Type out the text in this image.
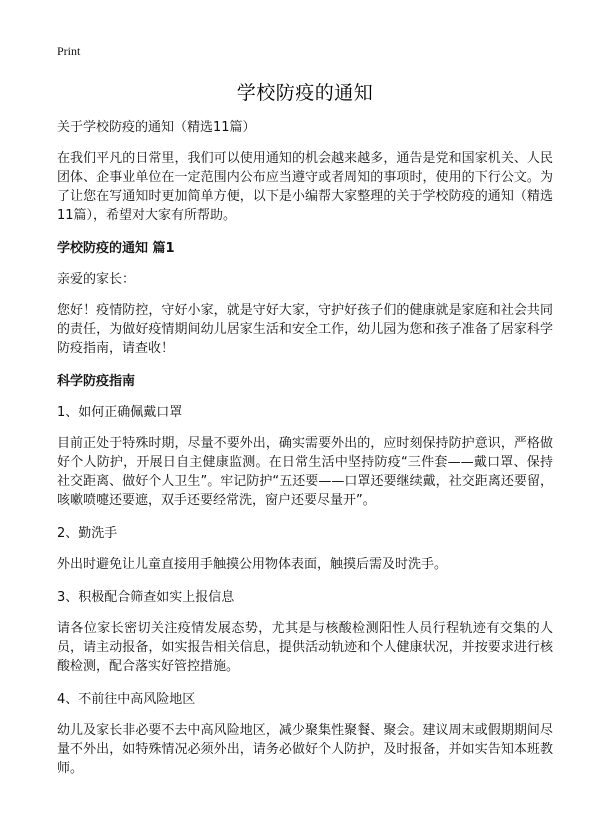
Print
学校防疫的通知
关于学校防疫的通知（精选11篇）

在我们平凡的日常里，我们可以使用通知的机会越来越多，通告是党和国家机关、人民团体、企事业单位在一定范围内公布应当遵守或者周知的事项时，使用的下行公文。为了让您在写通知时更加简单方便，以下是小编帮大家整理的关于学校防疫的通知（精选11篇），希望对大家有所帮助。

学校防疫的通知 篇1
亲爱的家长：

您好！疫情防控，守好小家，就是守好大家，守护好孩子们的健康就是家庭和社会共同的责任，为做好疫情期间幼儿居家生活和安全工作，幼儿园为您和孩子准备了居家科学防疫指南，请查收！

科学防疫指南
1、如何正确佩戴口罩

目前正处于特殊时期，尽量不要外出，确实需要外出的，应时刻保持防护意识，严格做好个人防护，开展日自主健康监测。在日常生活中坚持防疫“三件套——戴口罩、保持社交距离、做好个人卫生”。牢记防护“五还要——口罩还要继续戴，社交距离还要留，咳嗽喷嚏还要遮，双手还要经常洗，窗户还要尽量开”。

2、勤洗手

外出时避免让儿童直接用手触摸公用物体表面，触摸后需及时洗手。

3、积极配合筛查如实上报信息

请各位家长密切关注疫情发展态势，尤其是与核酸检测阳性人员行程轨迹有交集的人员，请主动报备，如实报告相关信息，提供活动轨迹和个人健康状况，并按要求进行核酸检测，配合落实好管控措施。

4、不前往中高风险地区

幼儿及家长非必要不去中高风险地区，减少聚集性聚餐、聚会。建议周末或假期期间尽量不外出，如特殊情况必须外出，请务必做好个人防护，及时报备，并如实告知本班教师。
